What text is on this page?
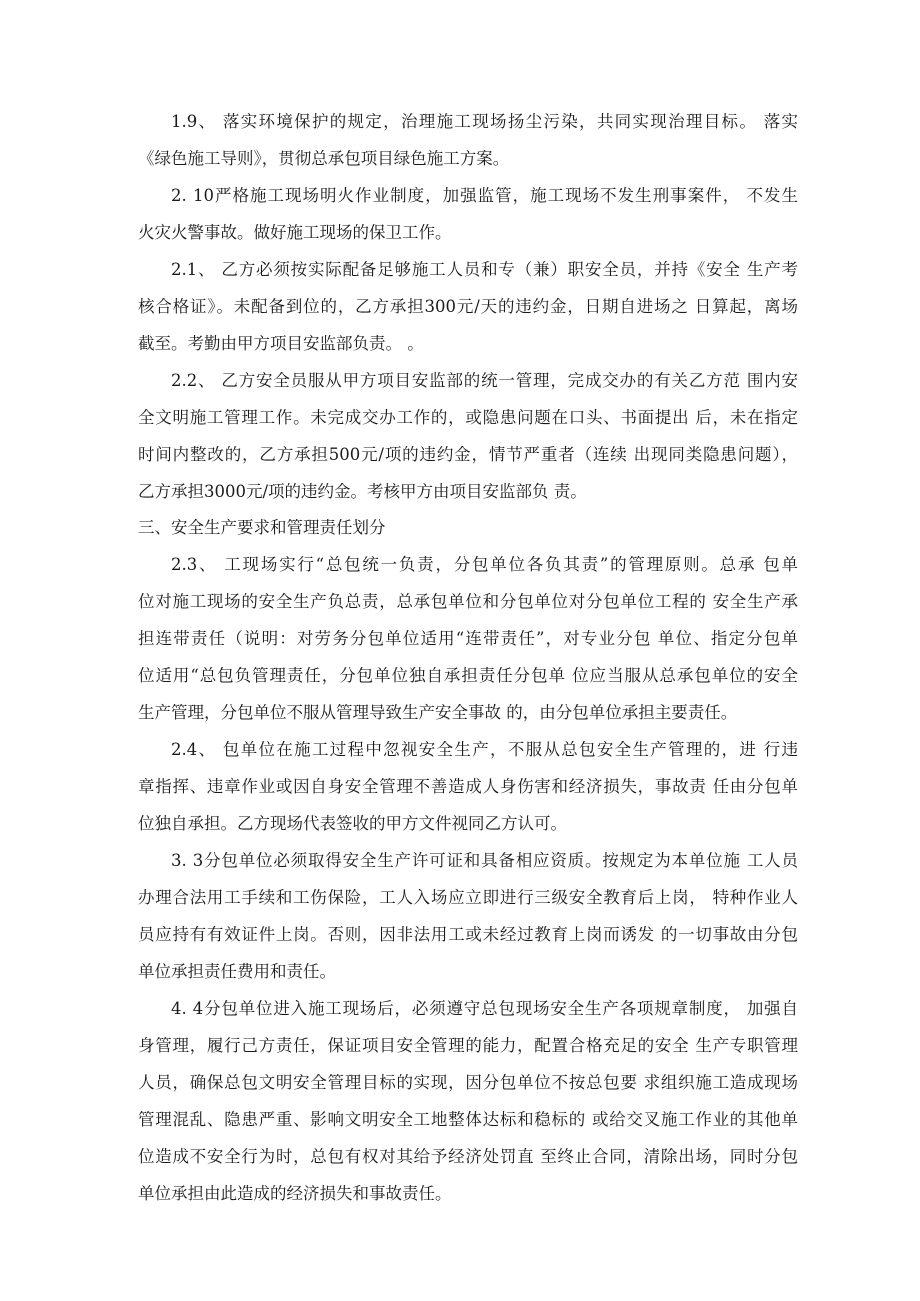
1.9、 落实环境保护的规定，治理施工现场扬尘污染，共同实现治理目标。 落实
《绿色施工导则》，贯彻总承包项目绿色施工方案。
2. 10严格施工现场明火作业制度，加强监管，施工现场不发生刑事案件， 不发生
火灾火警事故。做好施工现场的保卫工作。
2.1、 乙方必须按实际配备足够施工人员和专（兼）职安全员，并持《安全 生产考
核合格证》。未配备到位的，乙方承担300元/天的违约金，日期自进场之 日算起，离场
截至。考勤由甲方项目安监部负责。 。
2.2、 乙方安全员服从甲方项目安监部的统一管理，完成交办的有关乙方范 围内安
全文明施工管理工作。未完成交办工作的，或隐患问题在口头、书面提出 后，未在指定
时间内整改的，乙方承担500元/项的违约金，情节严重者（连续 出现同类隐患问题），
乙方承担3000元/项的违约金。考核甲方由项目安监部负 责。
三、安全生产要求和管理责任划分
2.3、 工现场实行“总包统一负责，分包单位各负其责”的管理原则。总承 包单
位对施工现场的安全生产负总责，总承包单位和分包单位对分包单位工程的 安全生产承
担连带责任（说明：对劳务分包单位适用“连带责任”，对专业分包 单位、指定分包单
位适用“总包负管理责任，分包单位独自承担责任分包单 位应当服从总承包单位的安全
生产管理，分包单位不服从管理导致生产安全事故 的，由分包单位承担主要责任。
2.4、 包单位在施工过程中忽视安全生产，不服从总包安全生产管理的，进 行违
章指挥、违章作业或因自身安全管理不善造成人身伤害和经济损失，事故责 任由分包单
位独自承担。乙方现场代表签收的甲方文件视同乙方认可。
3. 3分包单位必须取得安全生产许可证和具备相应资质。按规定为本单位施 工人员
办理合法用工手续和工伤保险，工人入场应立即进行三级安全教育后上岗， 特种作业人
员应持有有效证件上岗。否则，因非法用工或未经过教育上岗而诱发 的一切事故由分包
单位承担责任费用和责任。
4. 4分包单位进入施工现场后，必须遵守总包现场安全生产各项规章制度， 加强自
身管理，履行己方责任，保证项目安全管理的能力，配置合格充足的安全 生产专职管理
人员，确保总包文明安全管理目标的实现，因分包单位不按总包要 求组织施工造成现场
管理混乱、隐患严重、影响文明安全工地整体达标和稳标的 或给交叉施工作业的其他单
位造成不安全行为时，总包有权对其给予经济处罚直 至终止合同，清除出场，同时分包
单位承担由此造成的经济损失和事故责任。
